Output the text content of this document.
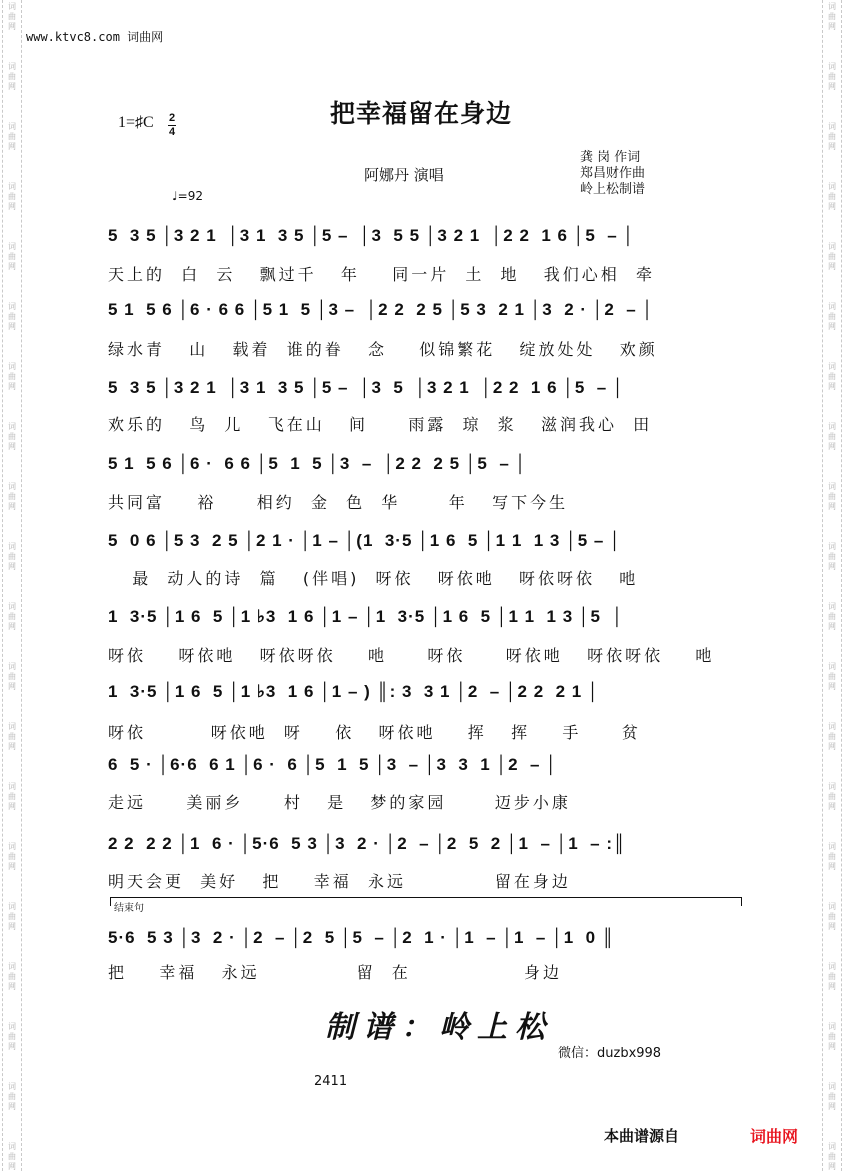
词
曲
网
词
曲
网
词
曲
网
词
曲
网
词
曲
网
词
曲
网
词
曲
网
词
曲
网
词
曲
网
词
曲
网
词
曲
网
词
曲
网
词
曲
网
词
曲
网
词
曲
网
词
曲
网
词
曲
网
词
曲
网
词
曲
网
词
曲
网
词
曲
网
词
曲
网
词
曲
网
词
曲
网
词
曲
网
词
曲
网
词
曲
网
词
曲
网
词
曲
网
词
曲
网
词
曲
网
词
曲
网
词
曲
网
词
曲
网
词
曲
网
词
曲
网
词
曲
网
词
曲
网
词
曲
网
词
曲
网
www.ktvc8.com 词曲网
把幸福留在身边
1=♯C 2
4
阿娜丹 演唱
龚 岗 作词
郑昌财作曲
岭上松制谱
♩=92
5  3 5 │3 2 1  │3 1  3 5 │5 –  │3  5 5 │3 2 1  │2 2  1 6 │5  – │
天上的  白  云   飘过千   年    同一片  土  地   我们心相  牵
5 1  5 6 │6 · 6 6 │5 1  5 │3 –  │2 2  2 5 │5 3  2 1 │3  2 · │2  – │
绿水青   山   载着  谁的眷   念    似锦繁花   绽放处处   欢颜
5  3 5 │3 2 1  │3 1  3 5 │5 –  │3  5  │3 2 1  │2 2  1 6 │5  – │
欢乐的   鸟  儿   飞在山   间     雨露  琼  浆   滋润我心  田
5 1  5 6 │6 ·  6 6 │5  1  5 │3  –  │2 2  2 5 │5  – │
共同富    裕     相约  金  色  华      年   写下今生
5  0 6 │5 3  2 5 │2 1 · │1 – │(1  3·5 │1 6  5 │1 1  1 3 │5 – │
最  动人的诗  篇   (伴唱)  呀依   呀依吔   呀依呀依   吔
1  3·5 │1 6  5 │1 ♭3  1 6 │1 – │1  3·5 │1 6  5 │1 1  1 3 │5  │
呀依    呀依吔   呀依呀依    吔     呀依     呀依吔   呀依呀依    吔
1  3·5 │1 6  5 │1 ♭3  1 6 │1 – ) ║: 3  3 1 │2  – │2 2  2 1 │
呀依        呀依吔  呀    依   呀依吔    挥   挥    手     贫
6  5 · │6·6  6 1 │6 ·  6 │5  1  5 │3  – │3  3  1 │2  – │
走远     美丽乡     村   是   梦的家园      迈步小康
2 2  2 2 │1  6 · │5·6  5 3 │3  2 · │2  – │2  5  2 │1  – │1  – :║
明天会更  美好   把    幸福  永远           留在身边
结束句
5·6  5 3 │3  2 · │2  – │2  5 │5  – │2  1 · │1  – │1  – │1  0 ║
把    幸福   永远            留  在              身边
制谱：岭上松
微信：duzbx998
2411
本曲谱源自	词曲网
